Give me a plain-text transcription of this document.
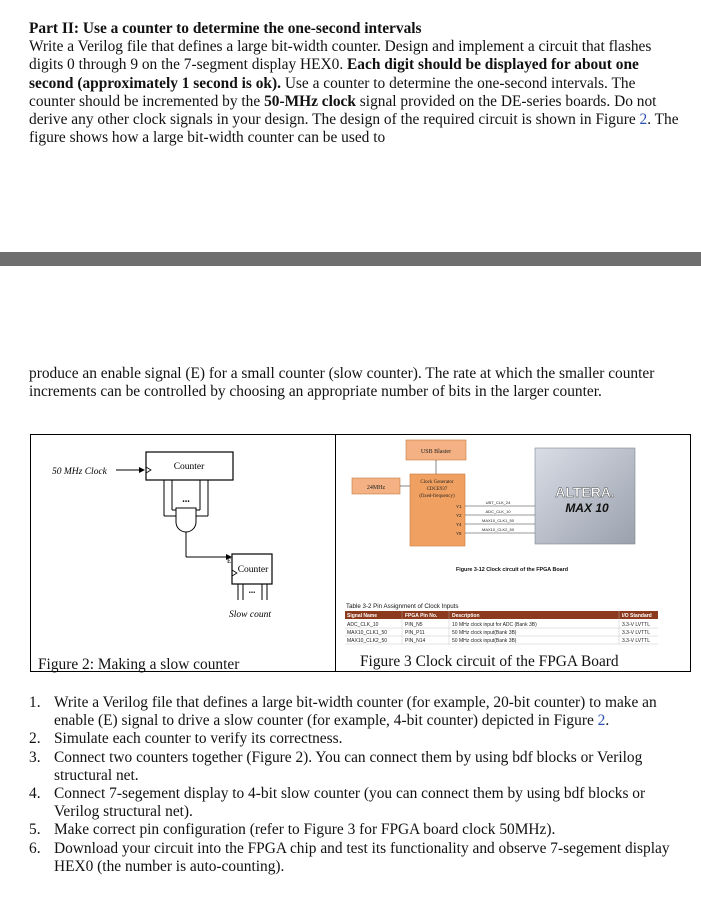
Part II: Use a counter to determine the one-second intervals
Write a Verilog file that defines a large bit-width counter. Design and implement a circuit that flashes digits 0 through 9 on the 7-segment display HEX0. Each digit should be displayed for about one second (approximately 1 second is ok). Use a counter to determine the one-second intervals. The counter should be incremented by the 50-MHz clock signal provided on the DE-series boards. Do not derive any other clock signals in your design. The design of the required circuit is shown in Figure 2. The figure shows how a large bit-width counter can be used to
produce an enable signal (E) for a small counter (slow counter). The rate at which the smaller counter increments can be controlled by choosing an appropriate number of bits in the larger counter.
50 MHz Clock	Counter
...
E
Counter
...
Slow count
USB Blaster
24MHz
Clock Generator
CDCE937
(fixed-frequency)
Y1
Y2
Y4
Y5
UBT_CLK_24
ADC_CLK_10
MAX10_CLK1_50
MAX10_CLK2_50
ALTERA.
MAX 10
Figure 3-12 Clock circuit of the FPGA Board
Table 3-2 Pin Assignment of Clock Inputs
Signal Name	FPGA Pin No.	Description	I/O Standard
ADC_CLK_10	PIN_N5	10 MHz clock input for ADC (Bank 3B)	3.3-V LVTTL
MAX10_CLK1_50	PIN_P11	50 MHz clock input(Bank 3B)	3.3-V LVTTL
MAX10_CLK2_50	PIN_N14	50 MHz clock input(Bank 3B)	3.3-V LVTTL
Figure 2: Making a slow counter	Figure 3 Clock circuit of the FPGA Board
1. Write a Verilog file that defines a large bit-width counter (for example, 20-bit counter) to make an enable (E) signal to drive a slow counter (for example, 4-bit counter) depicted in Figure 2.
2. Simulate each counter to verify its correctness.
3. Connect two counters together (Figure 2). You can connect them by using bdf blocks or Verilog structural net.
4. Connect 7-segement display to 4-bit slow counter (you can connect them by using bdf blocks or Verilog structural net).
5. Make correct pin configuration (refer to Figure 3 for FPGA board clock 50MHz).
6. Download your circuit into the FPGA chip and test its functionality and observe 7-segement display HEX0 (the number is auto-counting).
